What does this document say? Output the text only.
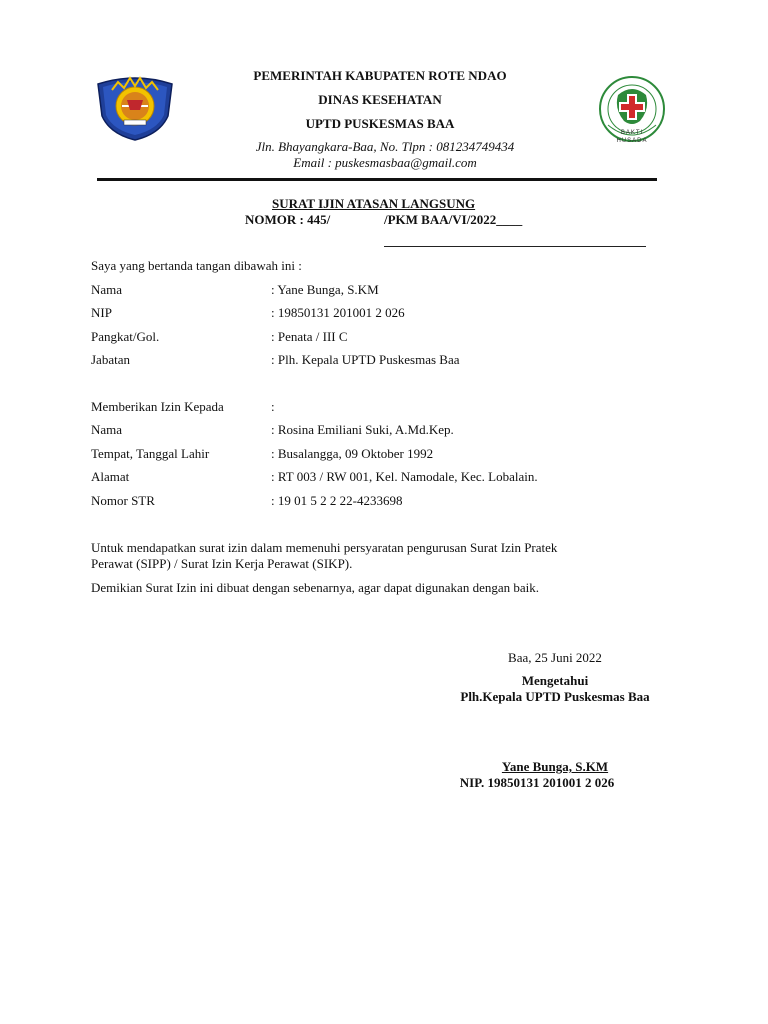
BAKTI HUSADA
PEMERINTAH KABUPATEN ROTE NDAO
DINAS KESEHATAN
UPTD PUSKESMAS BAA
Jln. Bhayangkara-Baa, No. Tlpn : 081234749434
Email : puskesmasbaa@gmail.com
SURAT IJIN ATASAN LANGSUNG
NOMOR : 445/	/PKM BAA/VI/2022____
Saya yang bertanda tangan dibawah ini :
Nama	: Yane Bunga, S.KM
NIP	: 19850131 201001 2 026
Pangkat/Gol.	: Penata / III C
Jabatan	: Plh. Kepala UPTD Puskesmas Baa
Memberikan Izin Kepada	:
Nama	: Rosina Emiliani Suki, A.Md.Kep.
Tempat, Tanggal Lahir	: Busalangga, 09 Oktober 1992
Alamat	: RT 003 / RW 001, Kel. Namodale, Kec. Lobalain.
Nomor STR	: 19 01 5 2 2 22-4233698
Untuk mendapatkan surat izin dalam memenuhi persyaratan pengurusan Surat Izin Pratek
Perawat (SIPP) / Surat Izin Kerja Perawat (SIKP).
Demikian Surat Izin ini dibuat dengan sebenarnya, agar dapat digunakan dengan baik.
Baa, 25 Juni 2022
Mengetahui
Plh.Kepala UPTD Puskesmas Baa
Yane Bunga, S.KM
NIP. 19850131 201001 2 026
